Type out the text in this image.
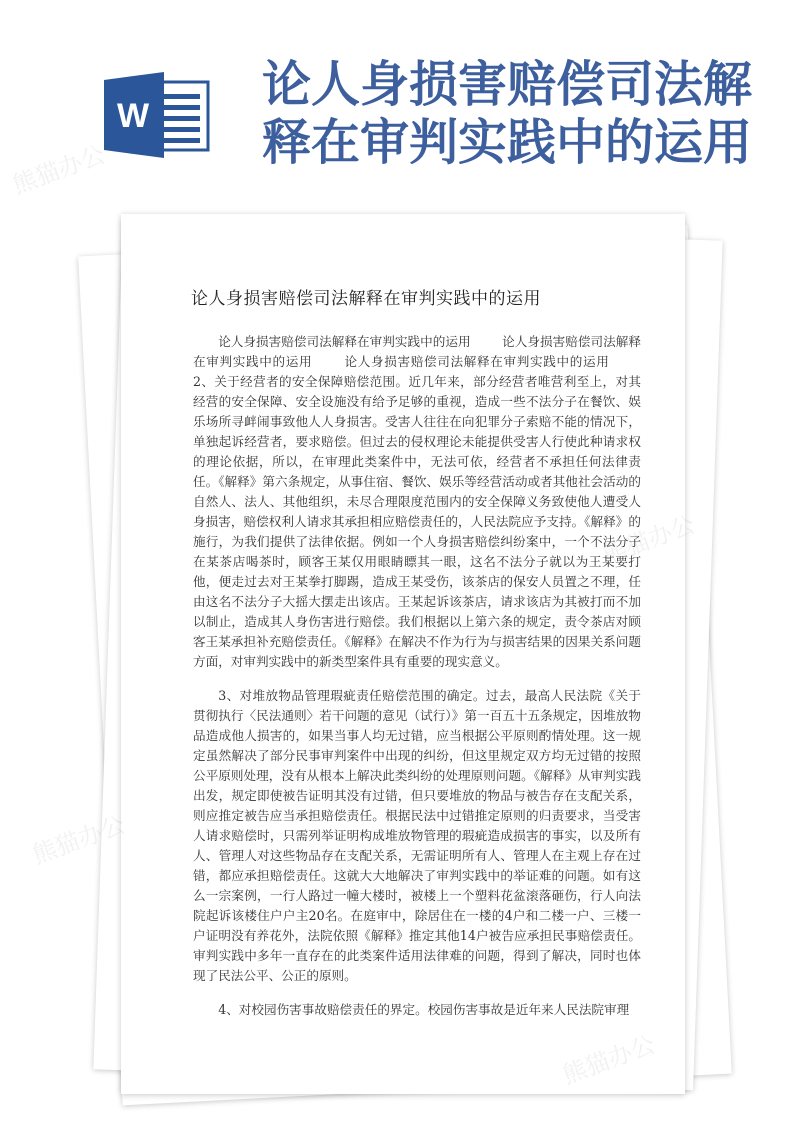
W
论人身损害赔偿司法解
释在审判实践中的运用
论人身损害赔偿司法解释在审判实践中的运用

论人身损害赔偿司法解释在审判实践中的运用	论人身损害赔偿司法解释在审判实践中的运用	论人身损害赔偿司法解释在审判实践中的运用2、关于经营者的安全保障赔偿范围。近几年来，部分经营者唯营利至上，对其经营的安全保障、安全设施没有给予足够的重视，造成一些不法分子在餐饮、娱乐场所寻衅闹事致他人人身损害。受害人往往在向犯罪分子索赔不能的情况下，单独起诉经营者，要求赔偿。但过去的侵权理论未能提供受害人行使此种请求权的理论依据，所以，在审理此类案件中，无法可依，经营者不承担任何法律责任。《解释》第六条规定，从事住宿、餐饮、娱乐等经营活动或者其他社会活动的自然人、法人、其他组织，未尽合理限度范围内的安全保障义务致使他人遭受人身损害，赔偿权利人请求其承担相应赔偿责任的，人民法院应予支持。《解释》的施行，为我们提供了法律依据。例如一个人身损害赔偿纠纷案中，一个不法分子在某茶店喝茶时，顾客王某仅用眼睛瞟其一眼，这名不法分子就以为王某要打他，便走过去对王某拳打脚踢，造成王某受伤，该茶店的保安人员置之不理，任由这名不法分子大摇大摆走出该店。王某起诉该茶店，请求该店为其被打而不加以制止，造成其人身伤害进行赔偿。我们根据以上第六条的规定，责令茶店对顾客王某承担补充赔偿责任。《解释》在解决不作为行为与损害结果的因果关系问题方面，对审判实践中的新类型案件具有重要的现实意义。

3、对堆放物品管理瑕疵责任赔偿范围的确定。过去，最高人民法院《关于贯彻执行〈民法通则〉若干问题的意见（试行）》第一百五十五条规定，因堆放物品造成他人损害的，如果当事人均无过错，应当根据公平原则酌情处理。这一规定虽然解决了部分民事审判案件中出现的纠纷，但这里规定双方均无过错的按照公平原则处理，没有从根本上解决此类纠纷的处理原则问题。《解释》从审判实践出发，规定即使被告证明其没有过错，但只要堆放的物品与被告存在支配关系，则应推定被告应当承担赔偿责任。根据民法中过错推定原则的归责要求，当受害人请求赔偿时，只需列举证明构成堆放物管理的瑕疵造成损害的事实，以及所有人、管理人对这些物品存在支配关系，无需证明所有人、管理人在主观上存在过错，都应承担赔偿责任。这就大大地解决了审判实践中的举证难的问题。如有这么一宗案例，一行人路过一幢大楼时，被楼上一个塑料花盆滚落砸伤，行人向法院起诉该楼住户户主20名。在庭审中，除居住在一楼的4户和二楼一户、三楼一户证明没有养花外，法院依照《解释》推定其他14户被告应承担民事赔偿责任。审判实践中多年一直存在的此类案件适用法律难的问题，得到了解决，同时也体现了民法公平、公正的原则。

4、对校园伤害事故赔偿责任的界定。校园伤害事故是近年来人民法院审理

熊猫办公
熊猫办公
